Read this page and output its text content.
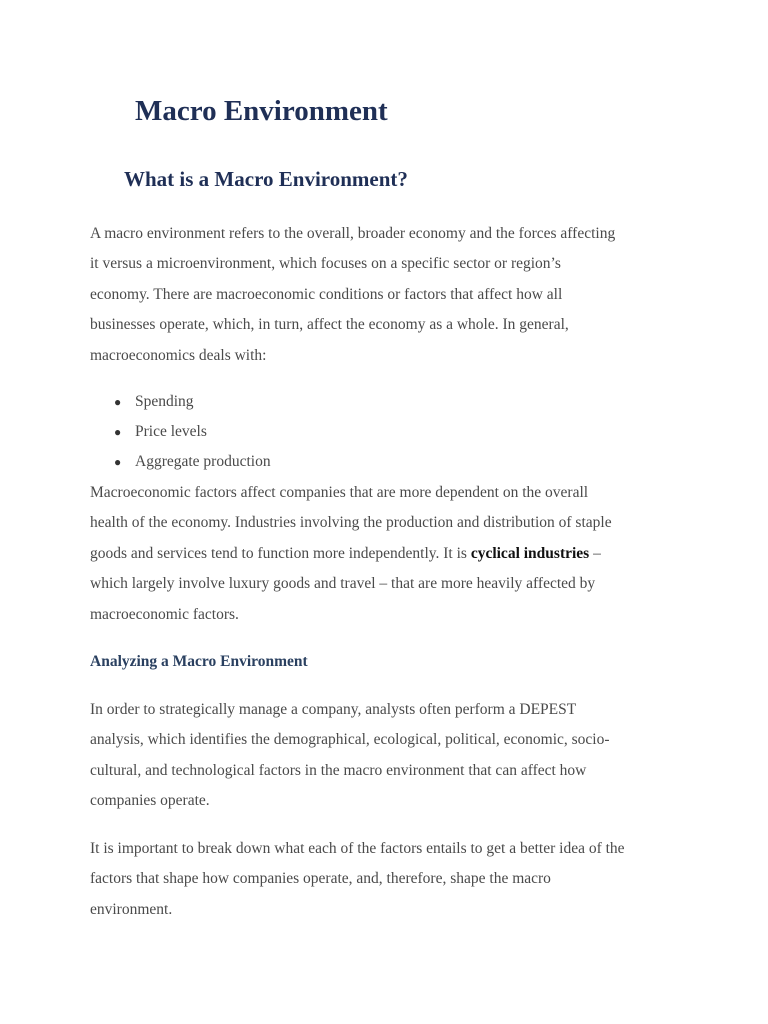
Macro Environment
What is a Macro Environment?

A macro environment refers to the overall, broader economy and the forces affecting
it versus a microenvironment, which focuses on a specific sector or region’s
economy. There are macroeconomic conditions or factors that affect how all
businesses operate, which, in turn, affect the economy as a whole. In general,
macroeconomics deals with:

● Spending
● Price levels
● Aggregate production

Macroeconomic factors affect companies that are more dependent on the overall
health of the economy. Industries involving the production and distribution of staple
goods and services tend to function more independently. It is cyclical industries –
which largely involve luxury goods and travel – that are more heavily affected by
macroeconomic factors.

Analyzing a Macro Environment

In order to strategically manage a company, analysts often perform a DEPEST
analysis, which identifies the demographical, ecological, political, economic, socio-
cultural, and technological factors in the macro environment that can affect how
companies operate.

It is important to break down what each of the factors entails to get a better idea of the
factors that shape how companies operate, and, therefore, shape the macro
environment.
